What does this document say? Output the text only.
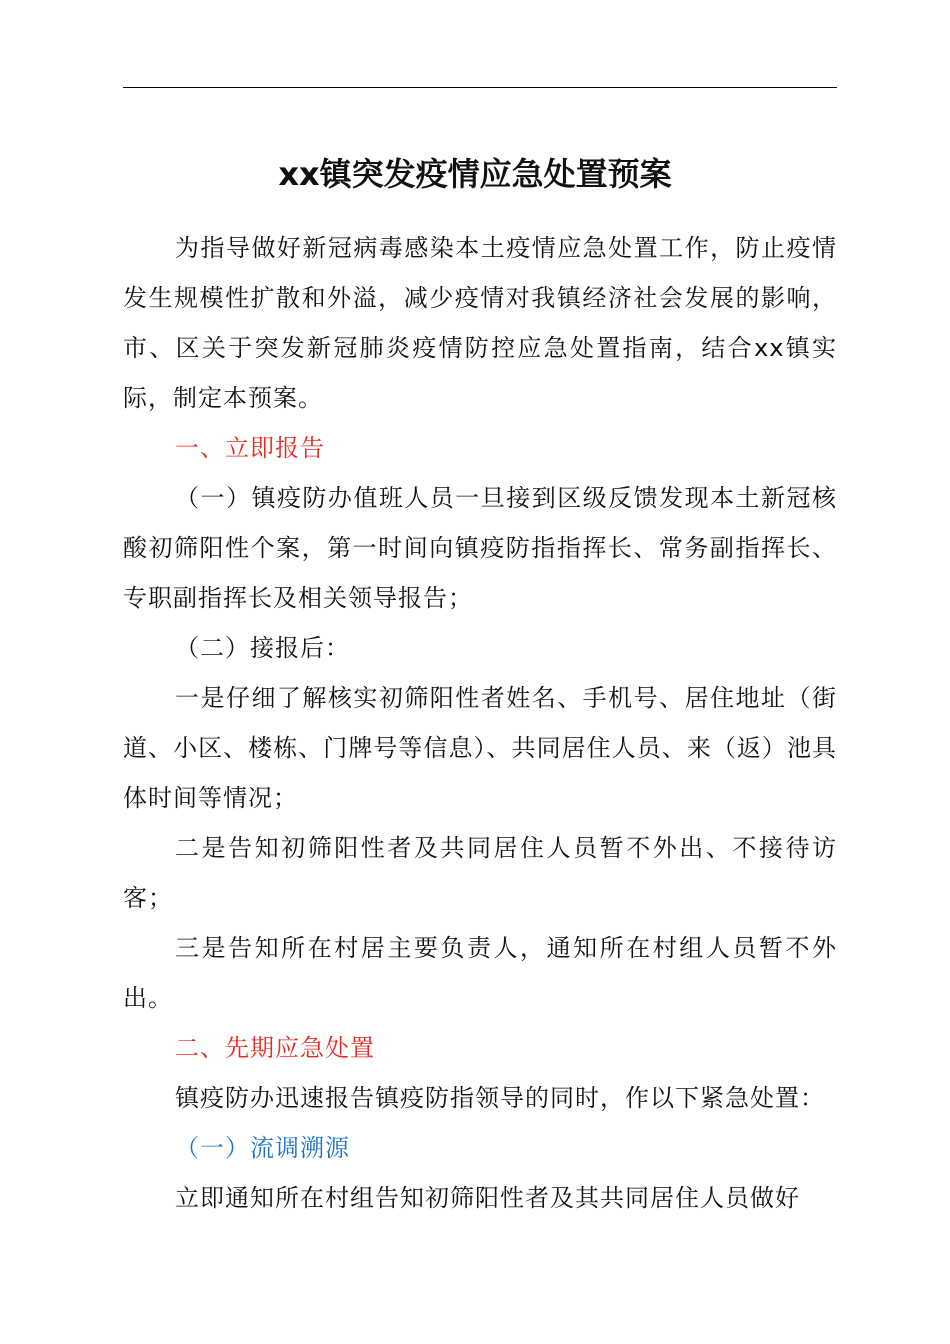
xx镇突发疫情应急处置预案

为指导做好新冠病毒感染本土疫情应急处置工作，防止疫情发生规模性扩散和外溢，减少疫情对我镇经济社会发展的影响，市、区关于突发新冠肺炎疫情防控应急处置指南，结合xx镇实际，制定本预案。

一、立即报告

（一）镇疫防办值班人员一旦接到区级反馈发现本土新冠核酸初筛阳性个案，第一时间向镇疫防指指挥长、常务副指挥长、专职副指挥长及相关领导报告；

（二）接报后：

一是仔细了解核实初筛阳性者姓名、手机号、居住地址（街道、小区、楼栋、门牌号等信息）、共同居住人员、来（返）池具体时间等情况；

二是告知初筛阳性者及共同居住人员暂不外出、不接待访客；

三是告知所在村居主要负责人，通知所在村组人员暂不外出。

二、先期应急处置

镇疫防办迅速报告镇疫防指领导的同时，作以下紧急处置：

（一）流调溯源

立即通知所在村组告知初筛阳性者及其共同居住人员做好
